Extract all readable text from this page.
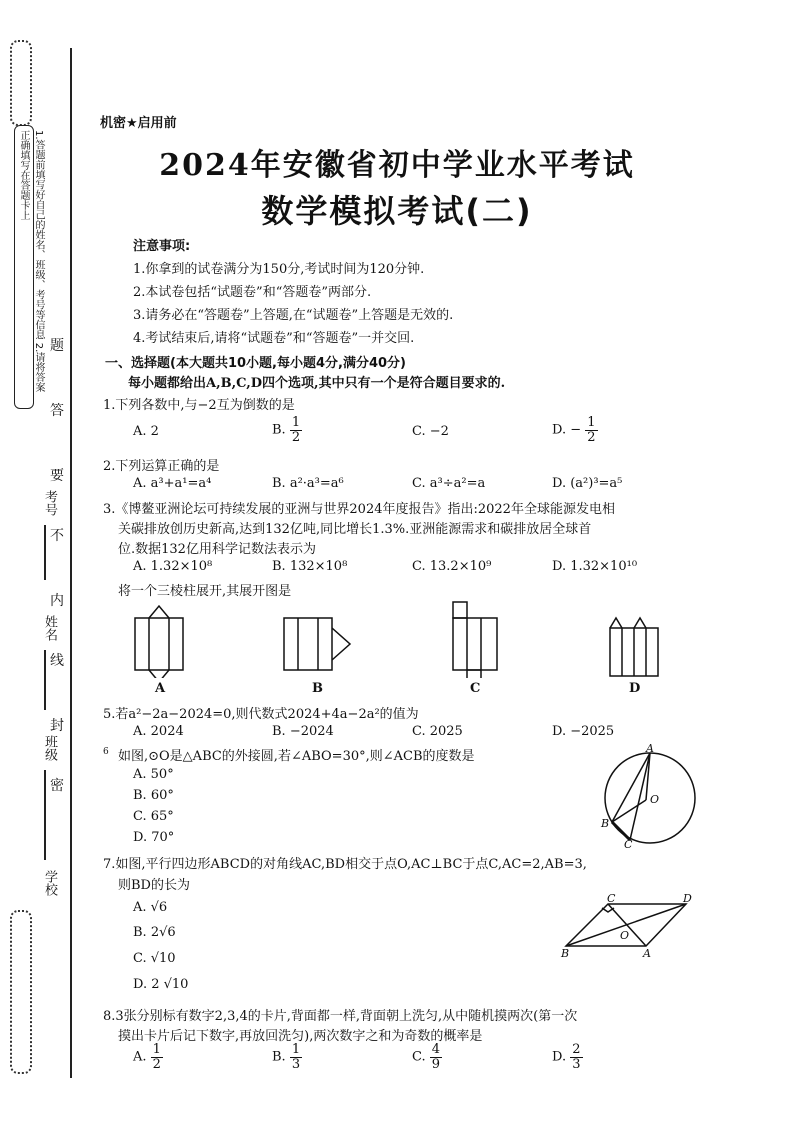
1.答题前填写好自己的姓名、班级、考号等信息 2.请将答案正确填写在答题卡上
考号
姓名
班级
学校
题
答
要
不
内
线
封
密
机密★启用前
2024年安徽省初中学业水平考试
数学模拟考试(二)
注意事项:
1.你拿到的试卷满分为150分,考试时间为120分钟.
2.本试卷包括“试题卷”和“答题卷”两部分.
3.请务必在“答题卷”上答题,在“试题卷”上答题是无效的.
4.考试结束后,请将“试题卷”和“答题卷”一并交回.
一、选择题(本大题共10小题,每小题4分,满分40分)
每小题都给出A,B,C,D四个选项,其中只有一个是符合题目要求的.
1.下列各数中,与−2互为倒数的是
A. 2	B. $\frac{1}{2}$	C. −2	D. − $\frac{1}{2}$
2.下列运算正确的是
A. a³+a¹=a⁴	B. a²·a³=a⁶	C. a³÷a²=a	D. (a²)³=a⁵
3.《博鳌亚洲论坛可持续发展的亚洲与世界2024年度报告》指出:2022年全球能源发电相
关碳排放创历史新高,达到132亿吨,同比增长1.3%.亚洲能源需求和碳排放居全球首
位.数据132亿用科学记数法表示为
A. 1.32×10⁸	B. 132×10⁸	C. 13.2×10⁹	D. 1.32×10¹⁰
将一个三棱柱展开,其展开图是
A	B	C	D
5.若a²−2a−2024=0,则代数式2024+4a−2a²的值为
A. 2024	B. −2024	C. 2025	D. −2025
6 如图,⊙O是△ABC的外接圆,若∠ABO=30°,则∠ACB的度数是
A. 50°
B. 60°
C. 65°
D. 70°
A
O
B
C
7.如图,平行四边形ABCD的对角线AC,BD相交于点O,AC⊥BC于点C,AC=2,AB=3,
则BD的长为
A. √6
B. 2√6
C. √10
D. 2 √10
C	D
O
B	A
8.3张分别标有数字2,3,4的卡片,背面都一样,背面朝上洗匀,从中随机摸两次(第一次
摸出卡片后记下数字,再放回洗匀),两次数字之和为奇数的概率是
A. $\frac{1}{2}$	B. $\frac{1}{3}$	C. $\frac{4}{9}$	D. $\frac{2}{3}$
